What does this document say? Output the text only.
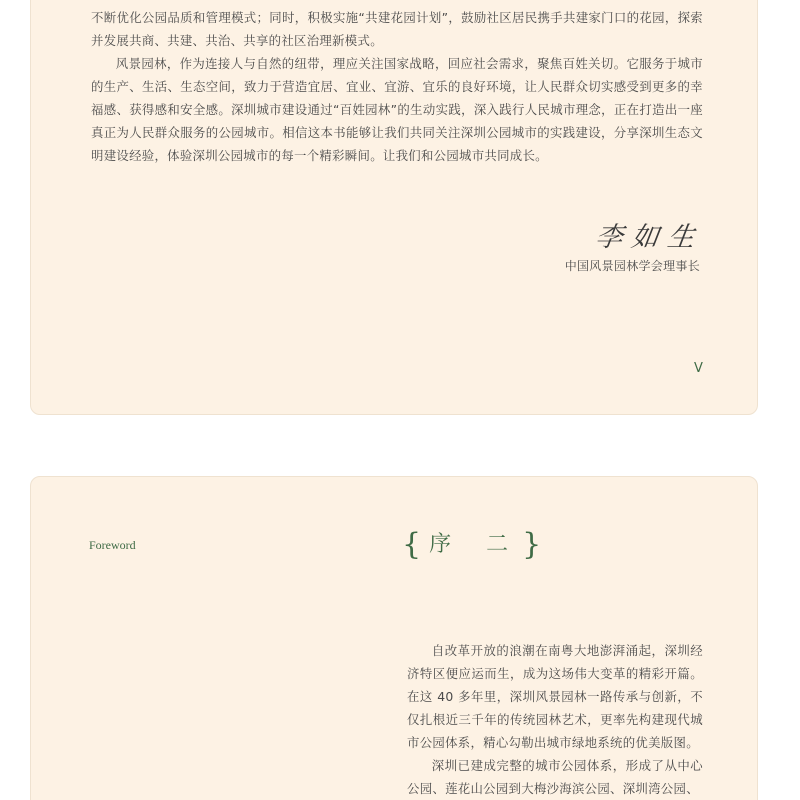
不断优化公园品质和管理模式；同时，积极实施“共建花园计划”，鼓励社区居民携手共建家门口的花园，探索并发展共商、共建、共治、共享的社区治理新模式。

风景园林，作为连接人与自然的纽带，理应关注国家战略，回应社会需求，聚焦百姓关切。它服务于城市的生产、生活、生态空间，致力于营造宜居、宜业、宜游、宜乐的良好环境，让人民群众切实感受到更多的幸福感、获得感和安全感。深圳城市建设通过“百姓园林”的生动实践，深入践行人民城市理念，正在打造出一座真正为人民群众服务的公园城市。相信这本书能够让我们共同关注深圳公园城市的实践建设，分享深圳生态文明建设经验，体验深圳公园城市的每一个精彩瞬间。让我们和公园城市共同成长。

李如生
中国风景园林学会理事长
V
Foreword	{ 序 二 }

自改革开放的浪潮在南粤大地澎湃涌起，深圳经济特区便应运而生，成为这场伟大变革的精彩开篇。在这 40 多年里，深圳风景园林一路传承与创新，不仅扎根近三千年的传统园林艺术，更率先构建现代城市公园体系，精心勾勒出城市绿地系统的优美版图。

深圳已建成完整的城市公园体系，形成了从中心公园、莲花山公园到大梅沙海滨公园、深圳湾公园、
